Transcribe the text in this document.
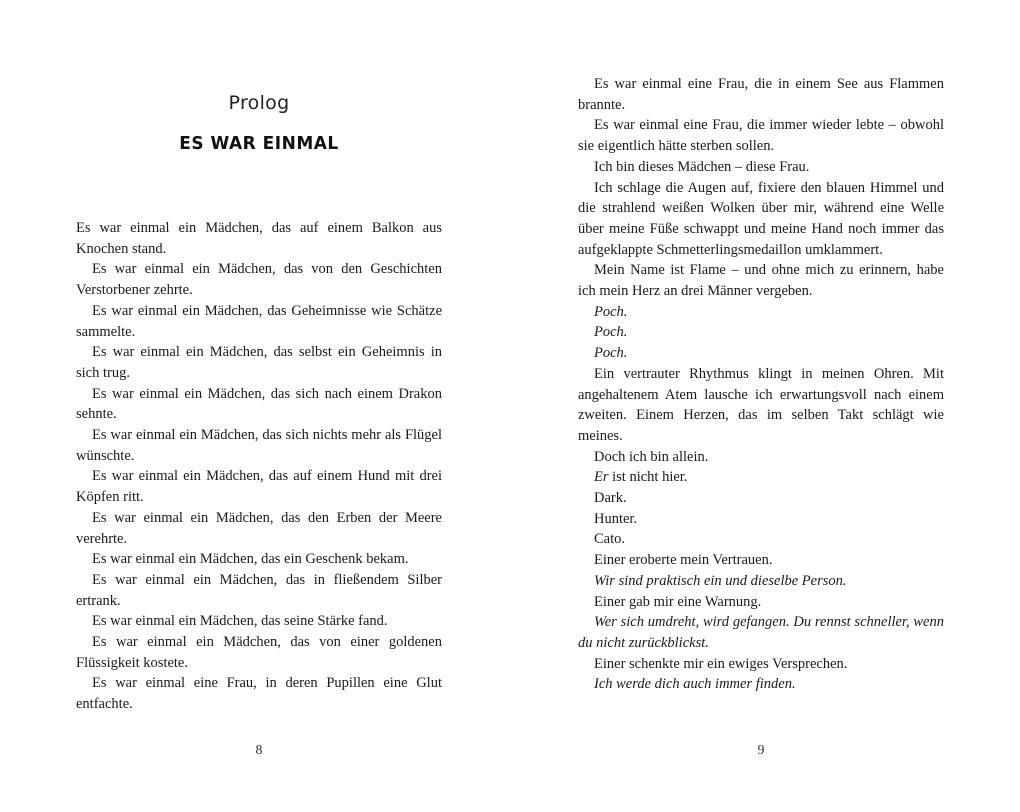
Prolog
ES WAR EINMAL

Es war einmal ein Mädchen, das auf einem Balkon aus Knochen stand.

Es war einmal ein Mädchen, das von den Geschichten Verstorbener zehrte.

Es war einmal ein Mädchen, das Geheimnisse wie Schätze sammelte.

Es war einmal ein Mädchen, das selbst ein Geheimnis in sich trug.

Es war einmal ein Mädchen, das sich nach einem Drakon sehnte.

Es war einmal ein Mädchen, das sich nichts mehr als Flügel wünschte.

Es war einmal ein Mädchen, das auf einem Hund mit drei Köpfen ritt.

Es war einmal ein Mädchen, das den Erben der Meere verehrte.

Es war einmal ein Mädchen, das ein Geschenk bekam.

Es war einmal ein Mädchen, das in fließendem Silber ertrank.

Es war einmal ein Mädchen, das seine Stärke fand.

Es war einmal ein Mädchen, das von einer goldenen Flüssigkeit kostete.

Es war einmal eine Frau, in deren Pupillen eine Glut entfachte.

8

Es war einmal eine Frau, die in einem See aus Flammen brannte.

Es war einmal eine Frau, die immer wieder lebte – obwohl sie eigentlich hätte sterben sollen.

Ich bin dieses Mädchen – diese Frau.

Ich schlage die Augen auf, fixiere den blauen Himmel und die strahlend weißen Wolken über mir, während eine Welle über meine Füße schwappt und meine Hand noch immer das aufgeklappte Schmetterlingsmedaillon umklammert.

Mein Name ist Flame – und ohne mich zu erinnern, habe ich mein Herz an drei Männer vergeben.

Poch.

Poch.

Poch.

Ein vertrauter Rhythmus klingt in meinen Ohren. Mit angehaltenem Atem lausche ich erwartungsvoll nach einem zweiten. Einem Herzen, das im selben Takt schlägt wie meines.

Doch ich bin allein.

Er ist nicht hier.

Dark.

Hunter.

Cato.

Einer eroberte mein Vertrauen.

Wir sind praktisch ein und dieselbe Person.

Einer gab mir eine Warnung.

Wer sich umdreht, wird gefangen. Du rennst schneller, wenn du nicht zurückblickst.

Einer schenkte mir ein ewiges Versprechen.

Ich werde dich auch immer finden.

9
